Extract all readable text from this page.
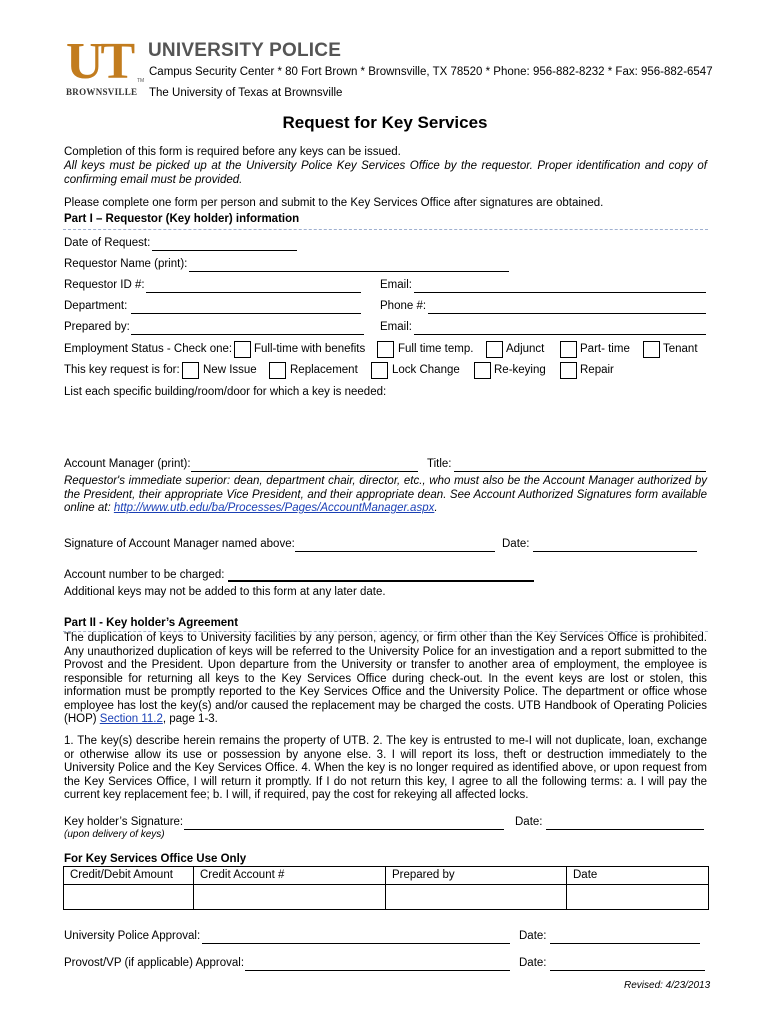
UT TM
BROWNSVILLE
UNIVERSITY POLICE
Campus Security Center * 80 Fort Brown * Brownsville, TX 78520 * Phone: 956-882-8232 * Fax: 956-882-6547
The University of Texas at Brownsville
Request for Key Services
Completion of this form is required before any keys can be issued.
All keys must be picked up at the University Police Key Services Office by the requestor. Proper identification and copy of confirming email must be provided.
Please complete one form per person and submit to the Key Services Office after signatures are obtained.
Part I – Requestor (Key holder) information
Date of Request:
Requestor Name (print):
Requestor ID #:	Email:
Department:	Phone #:
Prepared by:	Email:
Employment Status - Check one: Full-time with benefits	Full time temp.	Adjunct	Part- time	Tenant
This key request is for: New Issue	Replacement	Lock Change	Re-keying	Repair
List each specific building/room/door for which a key is needed:
Account Manager (print):	Title:
Requestor's immediate superior: dean, department chair, director, etc., who must also be the Account Manager authorized by the President, their appropriate Vice President, and their appropriate dean. See Account Authorized Signatures form available online at: http://www.utb.edu/ba/Processes/Pages/AccountManager.aspx.
Signature of Account Manager named above:	Date:
Account number to be charged:
Additional keys may not be added to this form at any later date.
Part II - Key holder’s Agreement
The duplication of keys to University facilities by any person, agency, or firm other than the Key Services Office is prohibited. Any unauthorized duplication of keys will be referred to the University Police for an investigation and a report submitted to the Provost and the President. Upon departure from the University or transfer to another area of employment, the employee is responsible for returning all keys to the Key Services Office during check-out. In the event keys are lost or stolen, this information must be promptly reported to the Key Services Office and the University Police. The department or office whose employee has lost the key(s) and/or caused the replacement may be charged the costs. UTB Handbook of Operating Policies (HOP) Section 11.2, page 1-3.
1. The key(s) describe herein remains the property of UTB. 2. The key is entrusted to me-I will not duplicate, loan, exchange or otherwise allow its use or possession by anyone else. 3. I will report its loss, theft or destruction immediately to the University Police and the Key Services Office. 4. When the key is no longer required as identified above, or upon request from the Key Services Office, I will return it promptly. If I do not return this key, I agree to all the following terms: a. I will pay the current key replacement fee; b. I will, if required, pay the cost for rekeying all affected locks.
Key holder’s Signature:
(upon delivery of keys)
Date:
For Key Services Office Use Only
Credit/Debit Amount	Credit Account #	Prepared by	Date

University Police Approval:	Date:
Provost/VP (if applicable) Approval:	Date:
Revised: 4/23/2013
